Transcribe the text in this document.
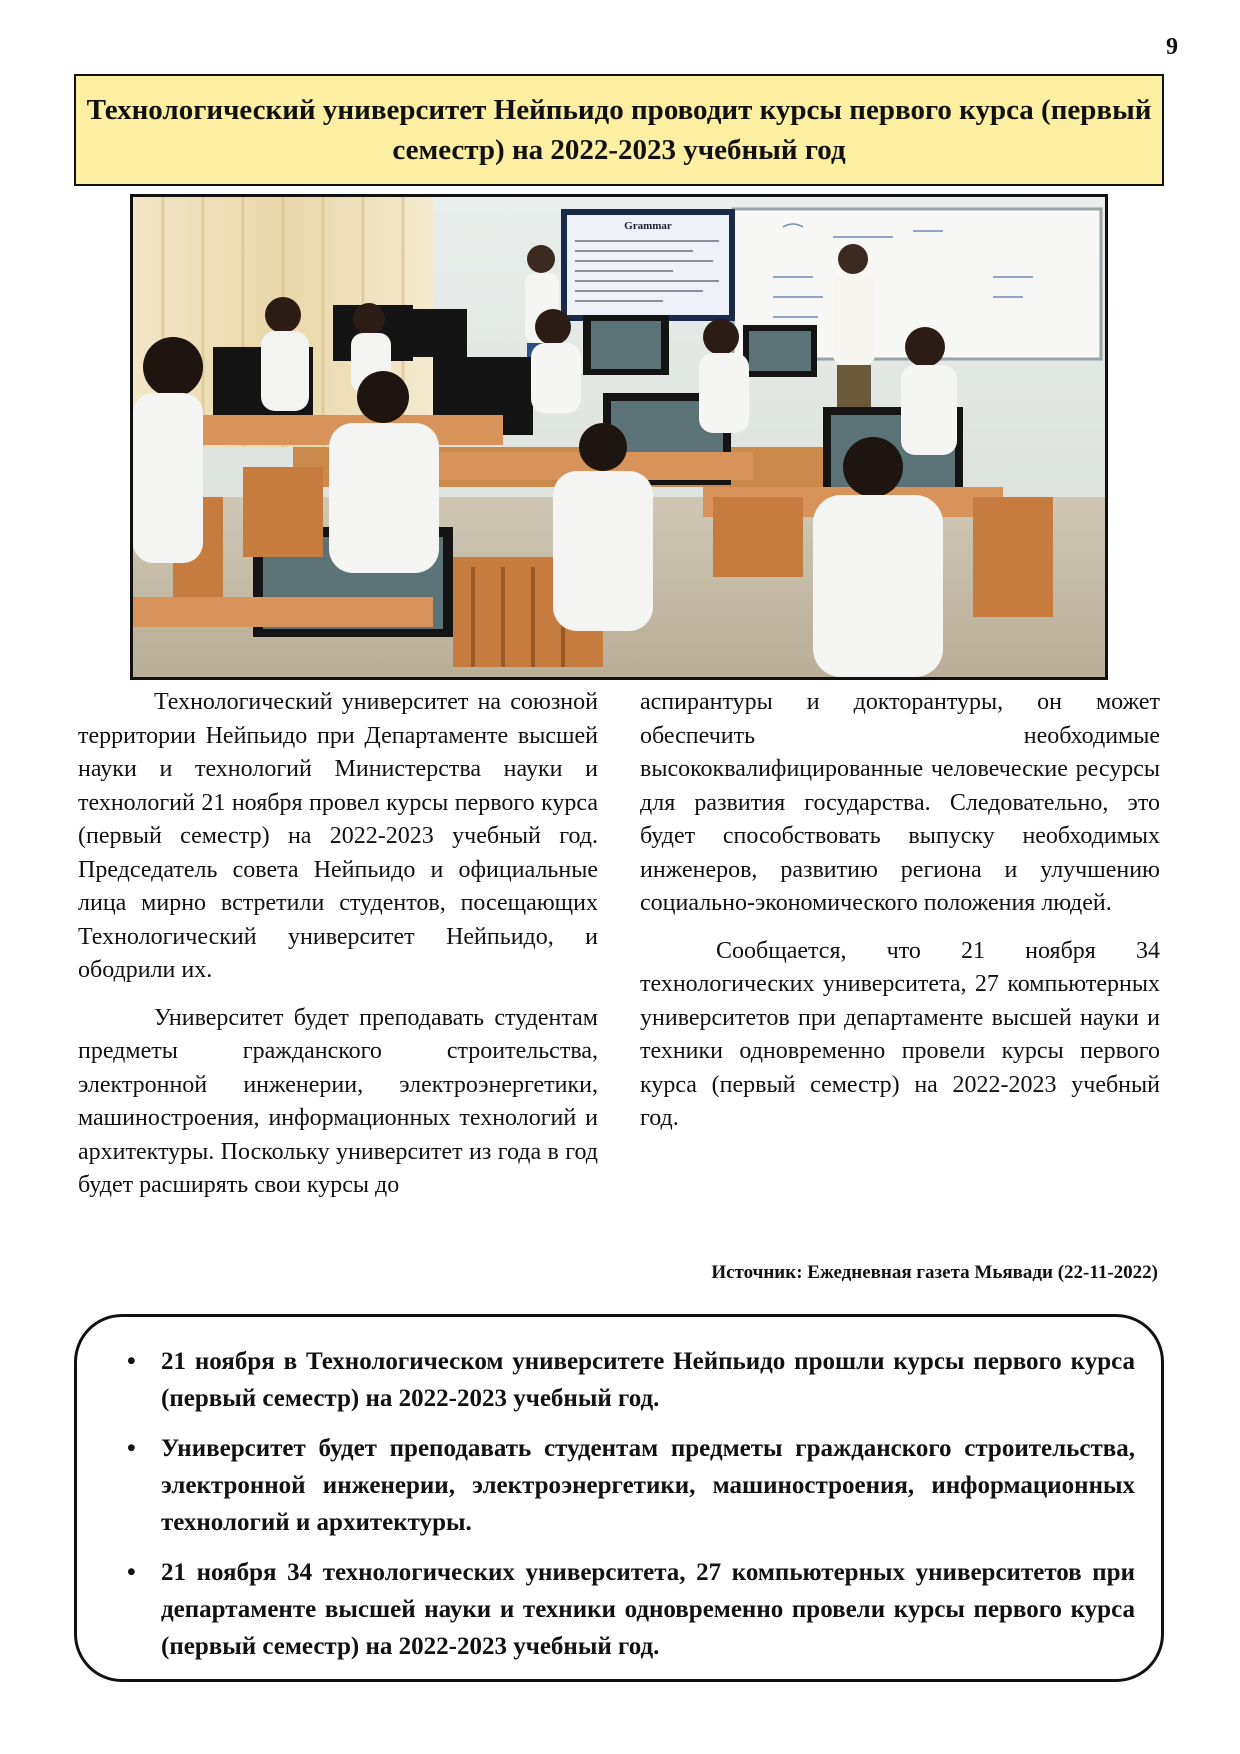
9
Технологический университет Нейпьидо проводит курсы первого курса (первый семестр) на 2022-2023 учебный год
Grammar

Технологический университет на союзной территории Нейпьидо при Департаменте высшей науки и технологий Министерства науки и технологий 21 ноября провел курсы первого курса (первый семестр) на 2022-2023 учебный год. Председатель совета Нейпьидо и официальные лица мирно встретили студентов, посещающих Технологический университет Нейпьидо, и ободрили их.

Университет будет преподавать студентам предметы гражданского строительства, электронной инженерии, электроэнергетики, машиностроения, информационных технологий и архитектуры. Поскольку университет из года в год будет расширять свои курсы до

аспирантуры и докторантуры, он может обеспечить необходимые высококвалифицированные человеческие ресурсы для развития государства. Следовательно, это будет способствовать выпуску необходимых инженеров, развитию региона и улучшению социально-экономического положения людей.

Сообщается, что 21 ноября 34 технологических университета, 27 компьютерных университетов при департаменте высшей науки и техники одновременно провели курсы первого курса (первый семестр) на 2022-2023 учебный год.

Источник: Ежедневная газета Мьявади (22-11-2022)
• 21 ноября в Технологическом университете Нейпьидо прошли курсы первого курса (первый семестр) на 2022-2023 учебный год.
• Университет будет преподавать студентам предметы гражданского строительства, электронной инженерии, электроэнергетики, машиностроения, информационных технологий и архитектуры.
• 21 ноября 34 технологических университета, 27 компьютерных университетов при департаменте высшей науки и техники одновременно провели курсы первого курса (первый семестр) на 2022-2023 учебный год.
